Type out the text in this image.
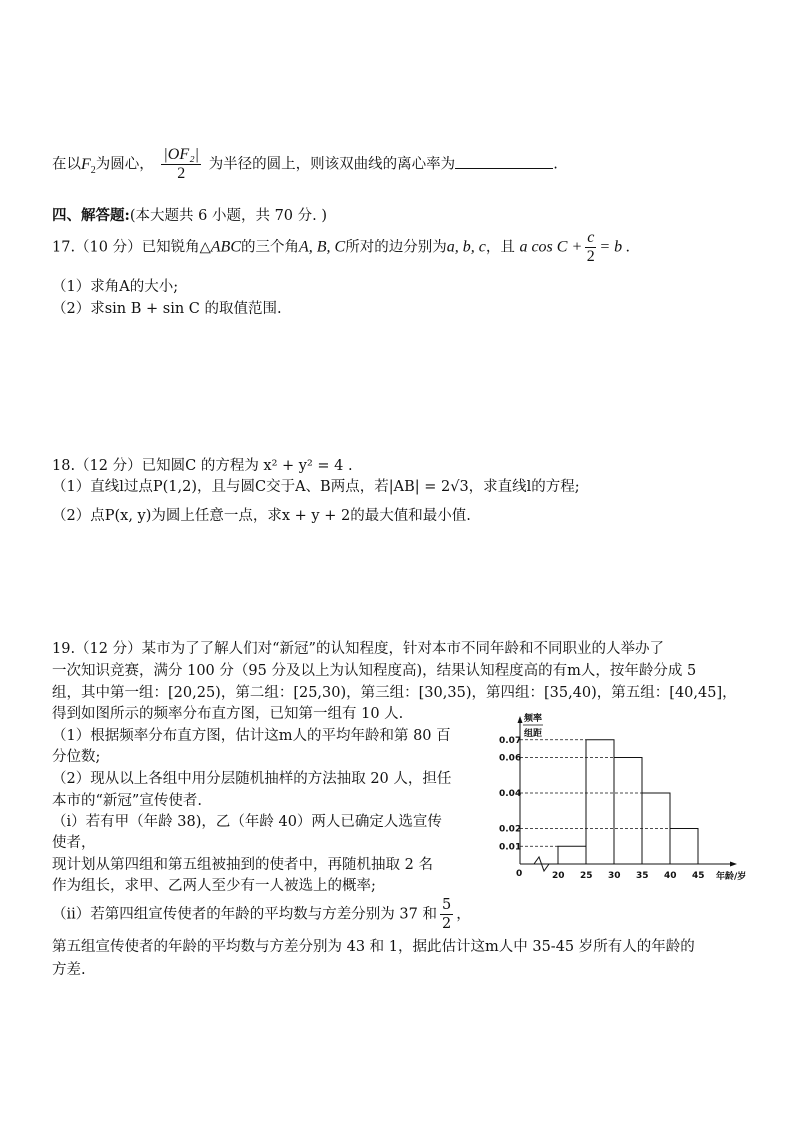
在以$F_2$为圆心， $\frac{\text{|OF₂|}}{2}$ 为半径的圆上，则该双曲线的离心率为	.
四、解答题:(本大题共 6 小题，共 70 分. )
17.（10 分）已知锐角△ABC的三个角A, B, C所对的边分别为a, b, c，且 a $\cos C + \frac{c}{2} = b$ .
（1）求角A的大小;
（2）求sin B + sin C 的取值范围.
18.（12 分）已知圆C 的方程为 x² + y² = 4 .
（1）直线l过点P(1,2)，且与圆C交于A、B两点，若|AB| = 2√3，求直线l的方程;
（2）点P(x, y)为圆上任意一点，求x + y + 2的最大值和最小值.
19.（12 分）某市为了了解人们对“新冠”的认知程度，针对本市不同年龄和不同职业的人举办了
一次知识竞赛，满分 100 分（95 分及以上为认知程度高)，结果认知程度高的有m人，按年龄分成 5
组，其中第一组：[20,25)，第二组：[25,30)，第三组：[30,35)，第四组：[35,40)，第五组：[40,45]，
得到如图所示的频率分布直方图，已知第一组有 10 人.
（1）根据频率分布直方图，估计这m人的平均年龄和第 80 百
分位数;
（2）现从以上各组中用分层随机抽样的方法抽取 20 人，担任
本市的“新冠”宣传使者.
（i）若有甲（年龄 38)，乙（年龄 40）两人已确定人选宣传
使者，
现计划从第四组和第五组被抽到的使者中，再随机抽取 2 名
作为组长，求甲、乙两人至少有一人被选上的概率;
（ii）若第四组宣传使者的年龄的平均数与方差分别为 37 和 $\frac{5}{2}$ ，
第五组宣传使者的年龄的平均数与方差分别为 43 和 1，据此估计这m人中 35-45 岁所有人的年龄的
方差.
频率
组距
0	年龄/岁
0.01
0.02
0.04
0.06
0.07
20 25 30 35 40 45
